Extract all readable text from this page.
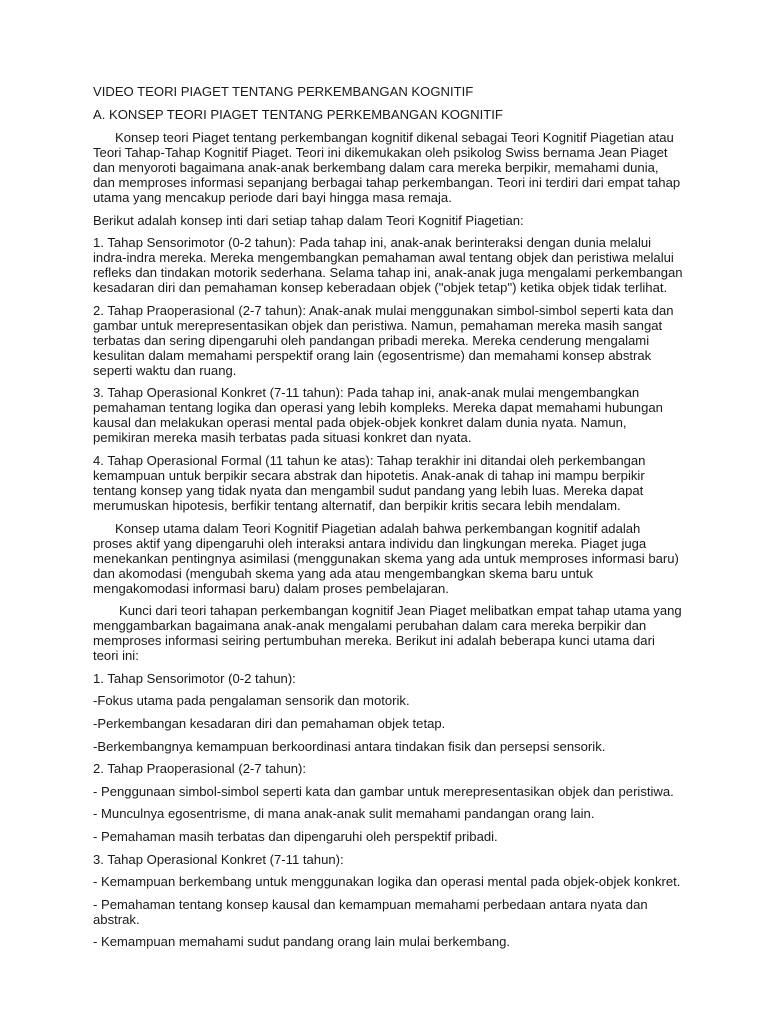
VIDEO TEORI PIAGET TENTANG PERKEMBANGAN KOGNITIF

A. KONSEP TEORI PIAGET TENTANG PERKEMBANGAN KOGNITIF

Konsep teori Piaget tentang perkembangan kognitif dikenal sebagai Teori Kognitif Piagetian atau Teori Tahap-Tahap Kognitif Piaget. Teori ini dikemukakan oleh psikolog Swiss bernama Jean Piaget dan menyoroti bagaimana anak-anak berkembang dalam cara mereka berpikir, memahami dunia, dan memproses informasi sepanjang berbagai tahap perkembangan. Teori ini terdiri dari empat tahap utama yang mencakup periode dari bayi hingga masa remaja.

Berikut adalah konsep inti dari setiap tahap dalam Teori Kognitif Piagetian:

1. Tahap Sensorimotor (0-2 tahun): Pada tahap ini, anak-anak berinteraksi dengan dunia melalui indra-indra mereka. Mereka mengembangkan pemahaman awal tentang objek dan peristiwa melalui refleks dan tindakan motorik sederhana. Selama tahap ini, anak-anak juga mengalami perkembangan kesadaran diri dan pemahaman konsep keberadaan objek ("objek tetap") ketika objek tidak terlihat.

2. Tahap Praoperasional (2-7 tahun): Anak-anak mulai menggunakan simbol-simbol seperti kata dan gambar untuk merepresentasikan objek dan peristiwa. Namun, pemahaman mereka masih sangat terbatas dan sering dipengaruhi oleh pandangan pribadi mereka. Mereka cenderung mengalami kesulitan dalam memahami perspektif orang lain (egosentrisme) dan memahami konsep abstrak seperti waktu dan ruang.

3. Tahap Operasional Konkret (7-11 tahun): Pada tahap ini, anak-anak mulai mengembangkan pemahaman tentang logika dan operasi yang lebih kompleks. Mereka dapat memahami hubungan kausal dan melakukan operasi mental pada objek-objek konkret dalam dunia nyata. Namun, pemikiran mereka masih terbatas pada situasi konkret dan nyata.

4. Tahap Operasional Formal (11 tahun ke atas): Tahap terakhir ini ditandai oleh perkembangan kemampuan untuk berpikir secara abstrak dan hipotetis. Anak-anak di tahap ini mampu berpikir tentang konsep yang tidak nyata dan mengambil sudut pandang yang lebih luas. Mereka dapat merumuskan hipotesis, berfikir tentang alternatif, dan berpikir kritis secara lebih mendalam.

Konsep utama dalam Teori Kognitif Piagetian adalah bahwa perkembangan kognitif adalah proses aktif yang dipengaruhi oleh interaksi antara individu dan lingkungan mereka. Piaget juga menekankan pentingnya asimilasi (menggunakan skema yang ada untuk memproses informasi baru) dan akomodasi (mengubah skema yang ada atau mengembangkan skema baru untuk mengakomodasi informasi baru) dalam proses pembelajaran.

Kunci dari teori tahapan perkembangan kognitif Jean Piaget melibatkan empat tahap utama yang menggambarkan bagaimana anak-anak mengalami perubahan dalam cara mereka berpikir dan memproses informasi seiring pertumbuhan mereka. Berikut ini adalah beberapa kunci utama dari teori ini:

1. Tahap Sensorimotor (0-2 tahun):

-Fokus utama pada pengalaman sensorik dan motorik.

-Perkembangan kesadaran diri dan pemahaman objek tetap.

-Berkembangnya kemampuan berkoordinasi antara tindakan fisik dan persepsi sensorik.

2. Tahap Praoperasional (2-7 tahun):

- Penggunaan simbol-simbol seperti kata dan gambar untuk merepresentasikan objek dan peristiwa.

- Munculnya egosentrisme, di mana anak-anak sulit memahami pandangan orang lain.

- Pemahaman masih terbatas dan dipengaruhi oleh perspektif pribadi.

3. Tahap Operasional Konkret (7-11 tahun):

- Kemampuan berkembang untuk menggunakan logika dan operasi mental pada objek-objek konkret.

- Pemahaman tentang konsep kausal dan kemampuan memahami perbedaan antara nyata dan abstrak.

- Kemampuan memahami sudut pandang orang lain mulai berkembang.
